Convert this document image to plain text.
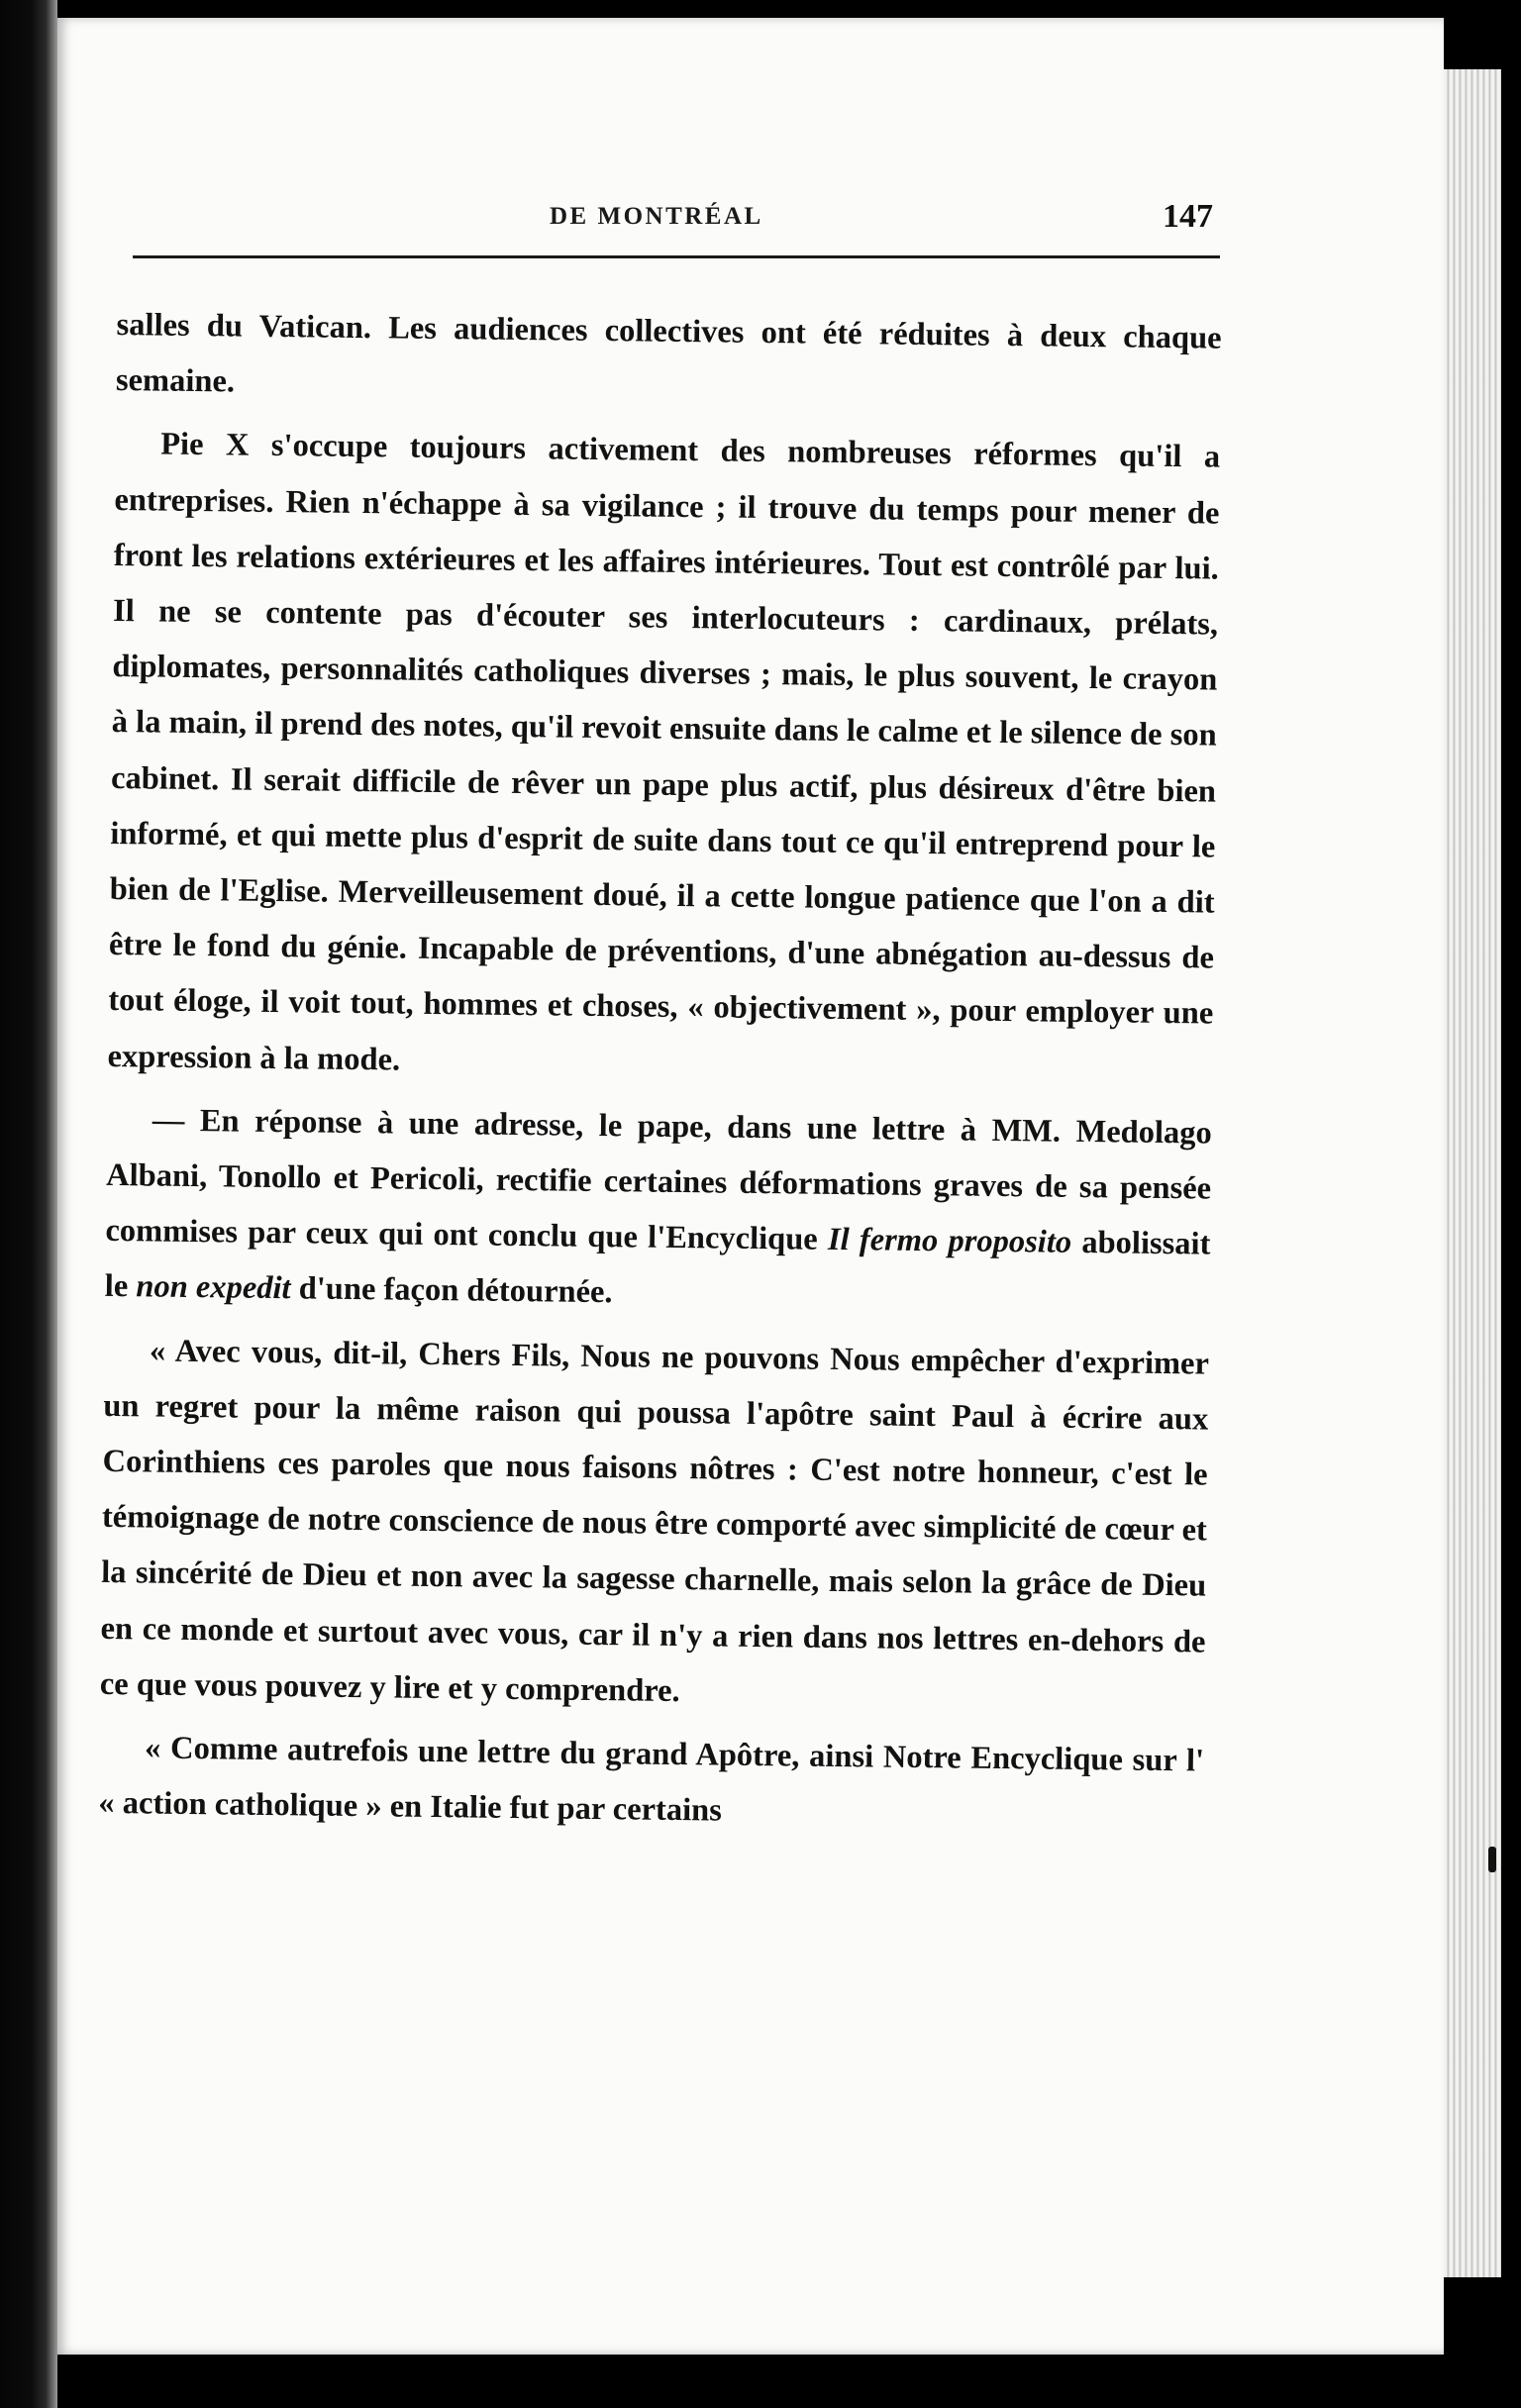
DE MONTRÉAL	147

salles du Vatican. Les audiences collectives ont été réduites à deux chaque semaine.

Pie X s'occupe toujours activement des nombreuses réformes qu'il a entreprises. Rien n'échappe à sa vigilance ; il trouve du temps pour mener de front les relations extérieures et les affaires intérieures. Tout est contrôlé par lui. Il ne se contente pas d'écouter ses interlocuteurs : cardinaux, prélats, diplomates, personnalités catholiques diverses ; mais, le plus souvent, le crayon à la main, il prend des notes, qu'il revoit ensuite dans le calme et le silence de son cabinet. Il serait difficile de rêver un pape plus actif, plus désireux d'être bien informé, et qui mette plus d'esprit de suite dans tout ce qu'il entreprend pour le bien de l'Eglise. Merveilleusement doué, il a cette longue patience que l'on a dit être le fond du génie. Incapable de préventions, d'une abnégation au-dessus de tout éloge, il voit tout, hommes et choses, « objectivement », pour employer une expression à la mode.

— En réponse à une adresse, le pape, dans une lettre à MM. Medolago Albani, Tonollo et Pericoli, rectifie certaines déformations graves de sa pensée commises par ceux qui ont conclu que l'Encyclique Il fermo proposito abolissait le non expedit d'une façon détournée.

« Avec vous, dit-il, Chers Fils, Nous ne pouvons Nous empêcher d'exprimer un regret pour la même raison qui poussa l'apôtre saint Paul à écrire aux Corinthiens ces paroles que nous faisons nôtres : C'est notre honneur, c'est le témoignage de notre conscience de nous être comporté avec simplicité de cœur et la sincérité de Dieu et non avec la sagesse charnelle, mais selon la grâce de Dieu en ce monde et surtout avec vous, car il n'y a rien dans nos lettres en-dehors de ce que vous pouvez y lire et y comprendre.

« Comme autrefois une lettre du grand Apôtre, ainsi Notre Encyclique sur l' « action catholique » en Italie fut par certains
